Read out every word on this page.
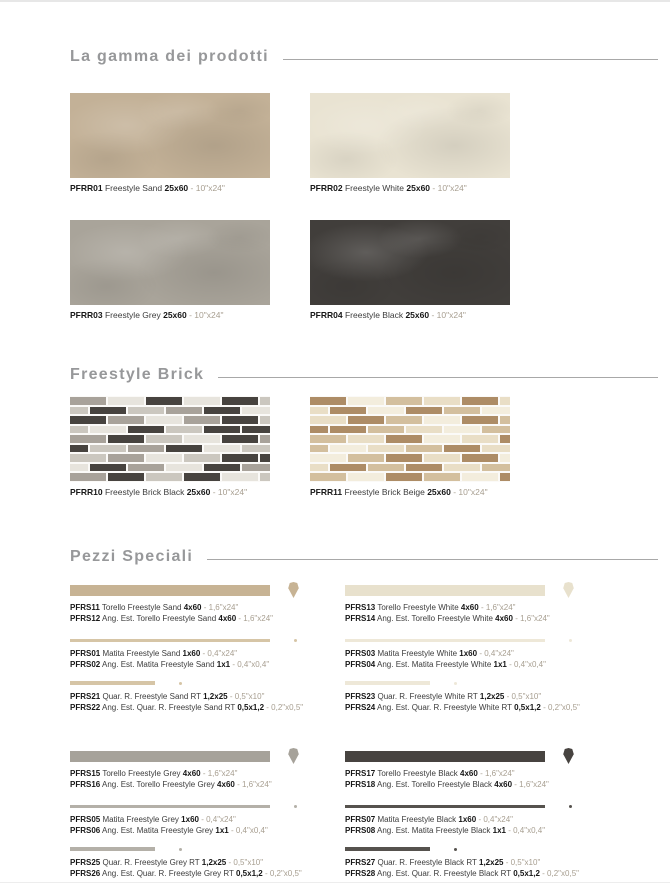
La gamma dei prodotti
PFRR01 Freestyle Sand 25x60 - 10"x24"	PFRR02 Freestyle White 25x60 - 10"x24"
PFRR03 Freestyle Grey 25x60 - 10"x24"	PFRR04 Freestyle Black 25x60 - 10"x24"
Freestyle Brick
PFRR10 Freestyle Brick Black 25x60 - 10"x24"	PFRR11 Freestyle Brick Beige 25x60 - 10"x24"
Pezzi Speciali
PFRS11 Torello Freestyle Sand 4x60 - 1,6"x24"
PFRS12 Ang. Est. Torello Freestyle Sand 4x60 - 1,6"x24"
PFRS01 Matita Freestyle Sand 1x60 - 0,4"x24"
PFRS02 Ang. Est. Matita Freestyle Sand 1x1 - 0,4"x0,4"
PFRS21 Quar. R. Freestyle Sand RT 1,2x25 - 0,5"x10"
PFRS22 Ang. Est. Quar. R. Freestyle Sand RT 0,5x1,2 - 0,2"x0,5"
PFRS13 Torello Freestyle White 4x60 - 1,6"x24"
PFRS14 Ang. Est. Torello Freestyle White 4x60 - 1,6"x24"
PFRS03 Matita Freestyle White 1x60 - 0,4"x24"
PFRS04 Ang. Est. Matita Freestyle White 1x1 - 0,4"x0,4"
PFRS23 Quar. R. Freestyle White RT 1,2x25 - 0,5"x10"
PFRS24 Ang. Est. Quar. R. Freestyle White RT 0,5x1,2 - 0,2"x0,5"
PFRS15 Torello Freestyle Grey 4x60 - 1,6"x24"
PFRS16 Ang. Est. Torello Freestyle Grey 4x60 - 1,6"x24"
PFRS05 Matita Freestyle Grey 1x60 - 0,4"x24"
PFRS06 Ang. Est. Matita Freestyle Grey 1x1 - 0,4"x0,4"
PFRS25 Quar. R. Freestyle Grey RT 1,2x25 - 0,5"x10"
PFRS26 Ang. Est. Quar. R. Freestyle Grey RT 0,5x1,2 - 0,2"x0,5"
PFRS17 Torello Freestyle Black 4x60 - 1,6"x24"
PFRS18 Ang. Est. Torello Freestyle Black 4x60 - 1,6"x24"
PFRS07 Matita Freestyle Black 1x60 - 0,4"x24"
PFRS08 Ang. Est. Matita Freestyle Black 1x1 - 0,4"x0,4"
PFRS27 Quar. R. Freestyle Black RT 1,2x25 - 0,5"x10"
PFRS28 Ang. Est. Quar. R. Freestyle Black RT 0,5x1,2 - 0,2"x0,5"
